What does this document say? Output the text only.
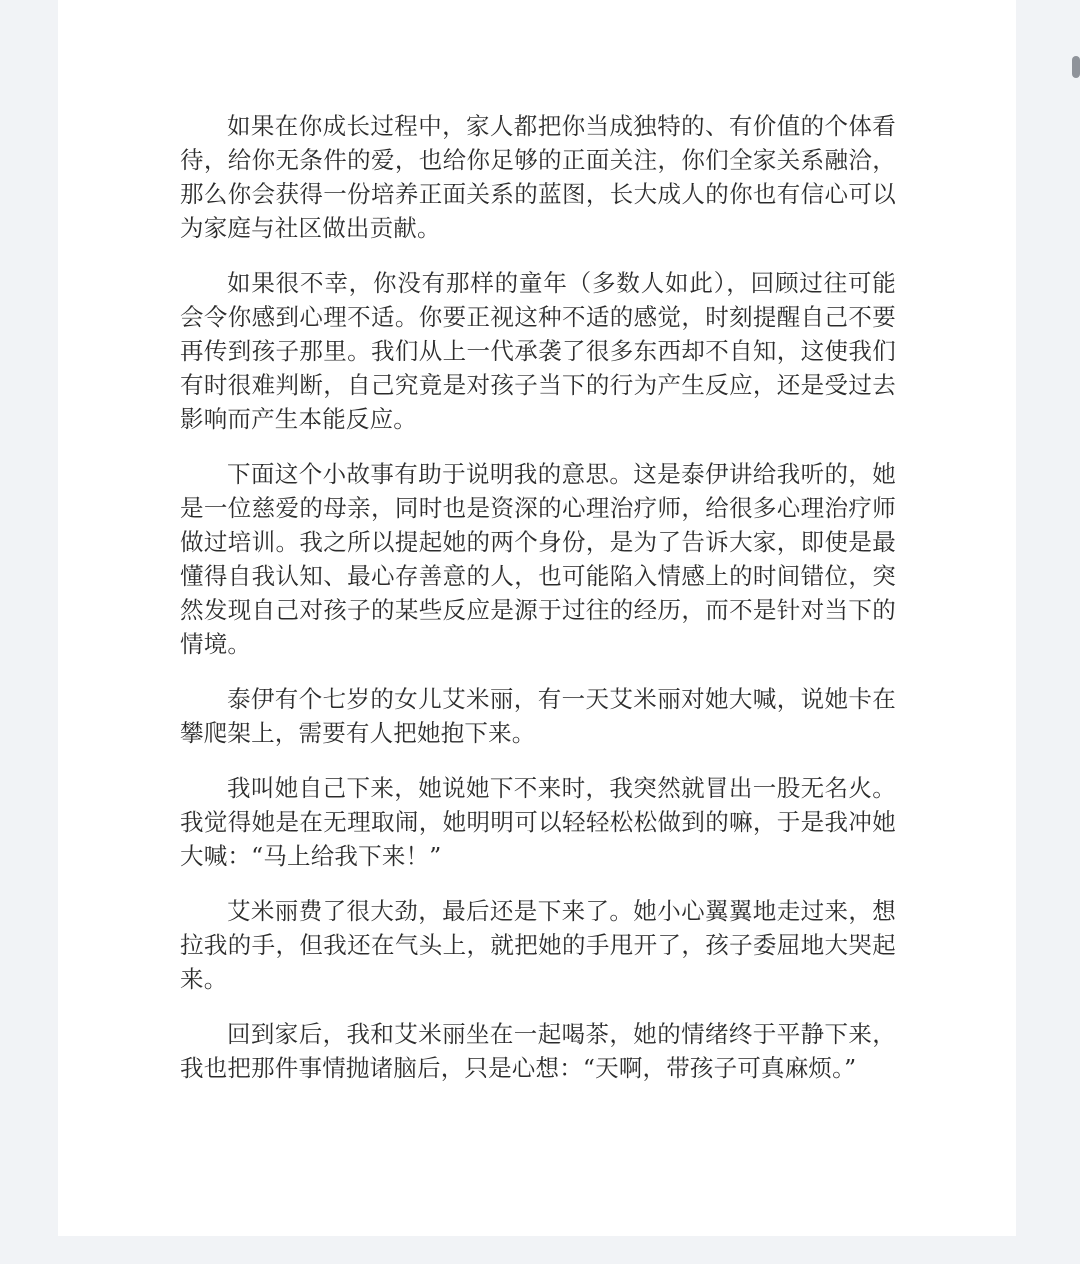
如果在你成长过程中，家人都把你当成独特的、有价值的个体看待，给你无条件的爱，也给你足够的正面关注，你们全家关系融洽，那么你会获得一份培养正面关系的蓝图，长大成人的你也有信心可以为家庭与社区做出贡献。

如果很不幸，你没有那样的童年（多数人如此），回顾过往可能会令你感到心理不适。你要正视这种不适的感觉，时刻提醒自己不要再传到孩子那里。我们从上一代承袭了很多东西却不自知，这使我们有时很难判断，自己究竟是对孩子当下的行为产生反应，还是受过去影响而产生本能反应。

下面这个小故事有助于说明我的意思。这是泰伊讲给我听的，她是一位慈爱的母亲，同时也是资深的心理治疗师，给很多心理治疗师做过培训。我之所以提起她的两个身份，是为了告诉大家，即使是最懂得自我认知、最心存善意的人，也可能陷入情感上的时间错位，突然发现自己对孩子的某些反应是源于过往的经历，而不是针对当下的情境。

泰伊有个七岁的女儿艾米丽，有一天艾米丽对她大喊，说她卡在攀爬架上，需要有人把她抱下来。

我叫她自己下来，她说她下不来时，我突然就冒出一股无名火。我觉得她是在无理取闹，她明明可以轻轻松松做到的嘛，于是我冲她大喊：“马上给我下来！”

艾米丽费了很大劲，最后还是下来了。她小心翼翼地走过来，想拉我的手，但我还在气头上，就把她的手甩开了，孩子委屈地大哭起来。

回到家后，我和艾米丽坐在一起喝茶，她的情绪终于平静下来，我也把那件事情抛诸脑后，只是心想：“天啊，带孩子可真麻烦。”
